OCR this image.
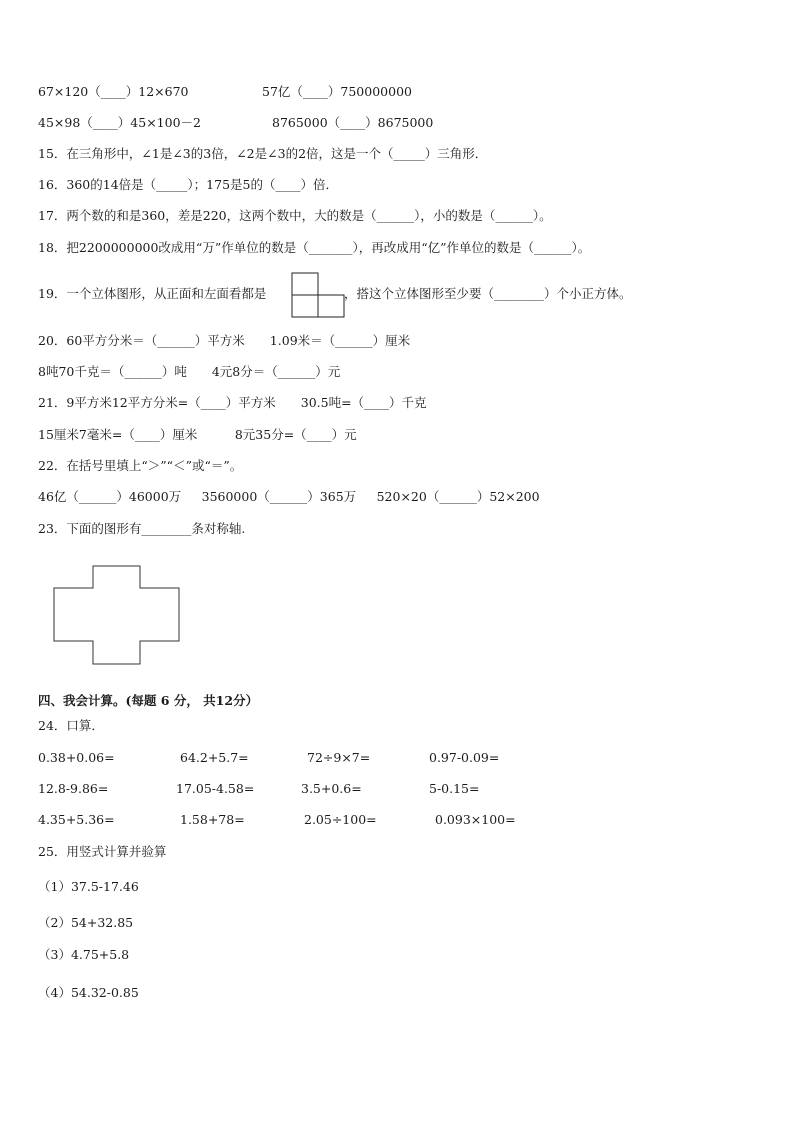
67×120（____）12×670	57亿（____）750000000
45×98（____）45×100－2	8765000（____）8675000
15．在三角形中，∠1是∠3的3倍，∠2是∠3的2倍，这是一个（_____）三角形．
16．360的14倍是（_____）；175是5的（____）倍．
17．两个数的和是360，差是220，这两个数中，大的数是（______），小的数是（______）。
18．把2200000000改成用“万”作单位的数是（_______），再改成用“亿”作单位的数是（______）。
19．一个立体图形，从正面和左面看都是	，搭这个立体图形至少要（________）个小正方体。
20．60平方分米＝（______）平方米　　1.09米＝（______）厘米
8吨70千克＝（______）吨　　4元8分＝（______）元
21．9平方米12平方分米=（____）平方米　　30.5吨=（____）千克
15厘米7毫米=（____）厘米　　　8元35分=（____）元
22．在括号里填上“＞”“＜”或“＝”。
46亿（______）46000万　  3560000（______）365万　  520×20（______）52×200
23．下面的图形有________条对称轴.
四、我会计算。(每题 6 分， 共12分）
24．口算．
0.38+0.06=	64.2+5.7=	72÷9×7=	0.97-0.09=
12.8-9.86=	17.05-4.58=	3.5+0.6=	5-0.15=
4.35+5.36=	1.58+78=	2.05÷100=	0.093×100=
25．用竖式计算并验算
（1）37.5-17.46
（2）54+32.85
（3）4.75+5.8
（4）54.32-0.85
